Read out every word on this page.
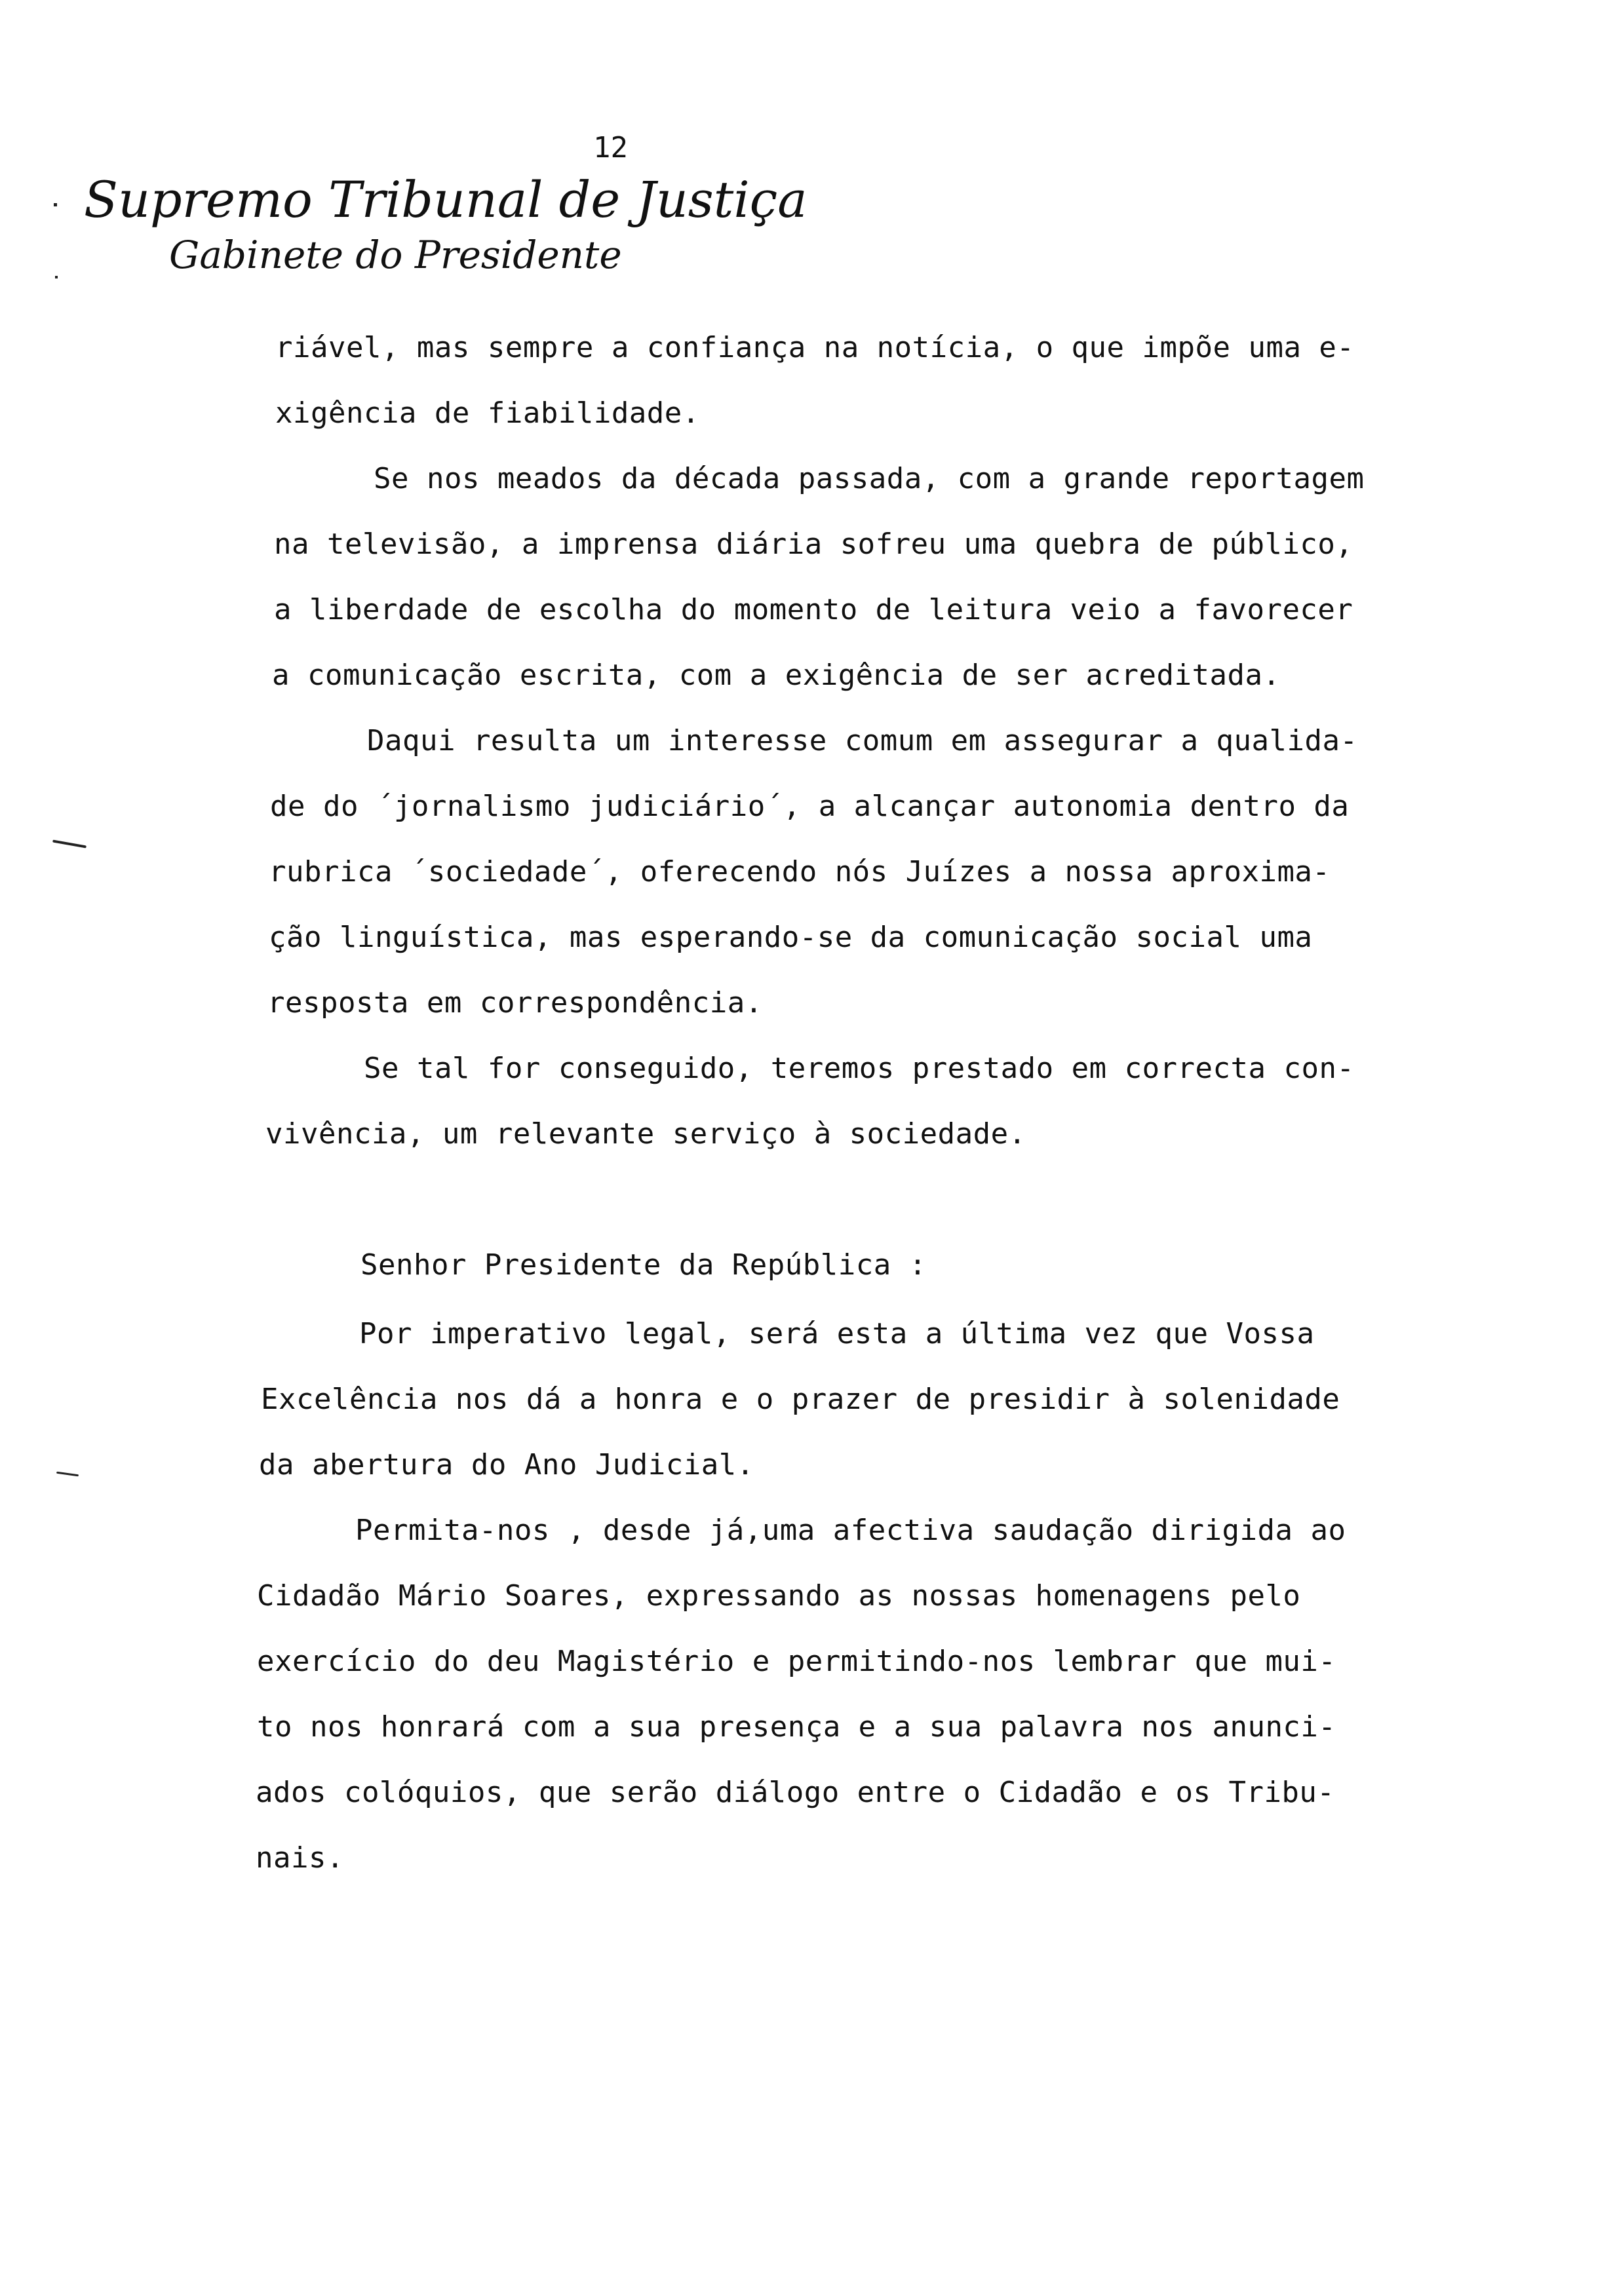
12
Supremo Tribunal de Justiça
Gabinete do Presidente
riável, mas sempre a confiança na notícia, o que impõe uma e-
xigência de fiabilidade.
Se nos meados da década passada, com a grande reportagem
na televisão, a imprensa diária sofreu uma quebra de público,
a liberdade de escolha do momento de leitura veio a favorecer
a comunicação escrita, com a exigência de ser acreditada.
Daqui resulta um interesse comum em assegurar a qualida-
de do ´jornalismo judiciário´, a alcançar autonomia dentro da
rubrica ´sociedade´, oferecendo nós Juízes a nossa aproxima-
ção linguística, mas esperando-se da comunicação social uma
resposta em correspondência.
Se tal for conseguido, teremos prestado em correcta con-
vivência, um relevante serviço à sociedade.
Senhor Presidente da República :
Por imperativo legal, será esta a última vez que Vossa
Excelência nos dá a honra e o prazer de presidir à solenidade
da abertura do Ano Judicial.
Permita-nos , desde já,uma afectiva saudação dirigida ao
Cidadão Mário Soares, expressando as nossas homenagens pelo
exercício do deu Magistério e permitindo-nos lembrar que mui-
to nos honrará com a sua presença e a sua palavra nos anunci-
ados colóquios, que serão diálogo entre o Cidadão e os Tribu-
nais.
